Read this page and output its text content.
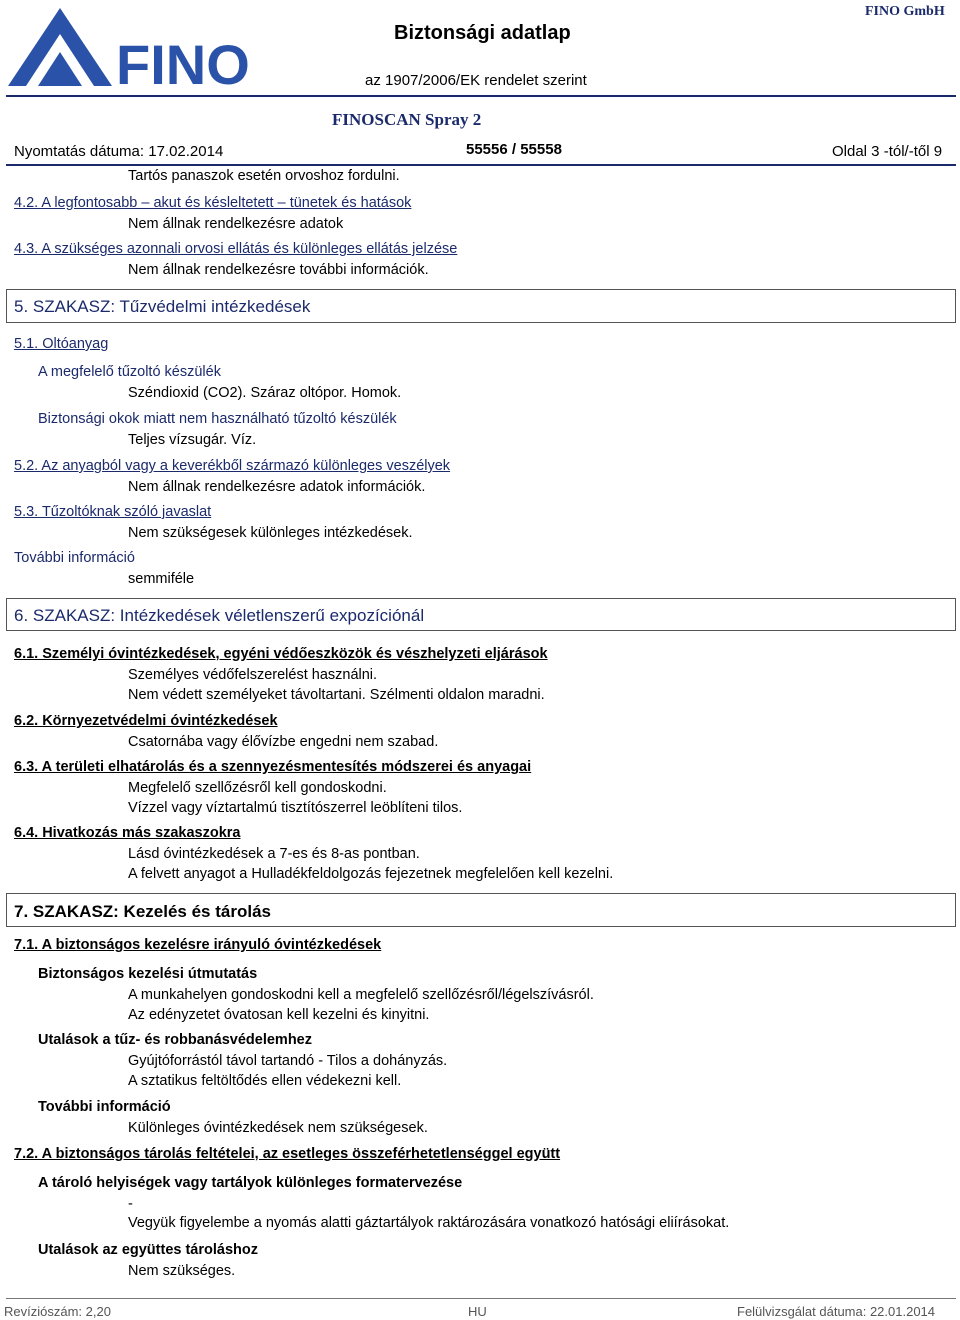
FINO	Biztonsági adatlap
FINO GmbH
az 1907/2006/EK rendelet szerint
FINOSCAN Spray 2
Nyomtatás dátuma: 17.02.2014	55556 / 55558	Oldal 3 -tól/-től 9
Tartós panaszok esetén orvoshoz fordulni.
4.2. A legfontosabb – akut és késleltetett – tünetek és hatások
Nem állnak rendelkezésre adatok
4.3. A szükséges azonnali orvosi ellátás és különleges ellátás jelzése
Nem állnak rendelkezésre további információk.
5. SZAKASZ: Tűzvédelmi intézkedések
5.1. Oltóanyag
A megfelelő tűzoltó készülék
Széndioxid (CO2). Száraz oltópor. Homok.
Biztonsági okok miatt nem használható tűzoltó készülék
Teljes vízsugár. Víz.
5.2. Az anyagból vagy a keverékből származó különleges veszélyek
Nem állnak rendelkezésre adatok információk.
5.3. Tűzoltóknak szóló javaslat
Nem szükségesek különleges intézkedések.
További információ
semmiféle
6. SZAKASZ: Intézkedések véletlenszerű expozíciónál
6.1. Személyi óvintézkedések, egyéni védőeszközök és vészhelyzeti eljárások
Személyes védőfelszerelést használni.
Nem védett személyeket távoltartani. Szélmenti oldalon maradni.
6.2. Környezetvédelmi óvintézkedések
Csatornába vagy élővízbe engedni nem szabad.
6.3. A területi elhatárolás és a szennyezésmentesítés módszerei és anyagai
Megfelelő szellőzésről kell gondoskodni.
Vízzel vagy víztartalmú tisztítószerrel leöblíteni tilos.
6.4. Hivatkozás más szakaszokra
Lásd óvintézkedések a 7-es és 8-as pontban.
A felvett anyagot a Hulladékfeldolgozás fejezetnek megfelelően kell kezelni.
7. SZAKASZ: Kezelés és tárolás
7.1. A biztonságos kezelésre irányuló óvintézkedések
Biztonságos kezelési útmutatás
A munkahelyen gondoskodni kell a megfelelő szellőzésről/légelszívásról.
Az edényzetet óvatosan kell kezelni és kinyitni.
Utalások a tűz- és robbanásvédelemhez
Gyújtóforrástól távol tartandó - Tilos a dohányzás.
A sztatikus feltöltődés ellen védekezni kell.
További információ
Különleges óvintézkedések nem szükségesek.
7.2. A biztonságos tárolás feltételei, az esetleges összeférhetetlenséggel együtt
A tároló helyiségek vagy tartályok különleges formatervezése
-
Vegyük figyelembe a nyomás alatti gáztartályok raktározására vonatkozó hatósági eliírásokat.
Utalások az együttes tároláshoz
Nem szükséges.
Revíziószám: 2,20	HU	Felülvizsgálat dátuma: 22.01.2014
